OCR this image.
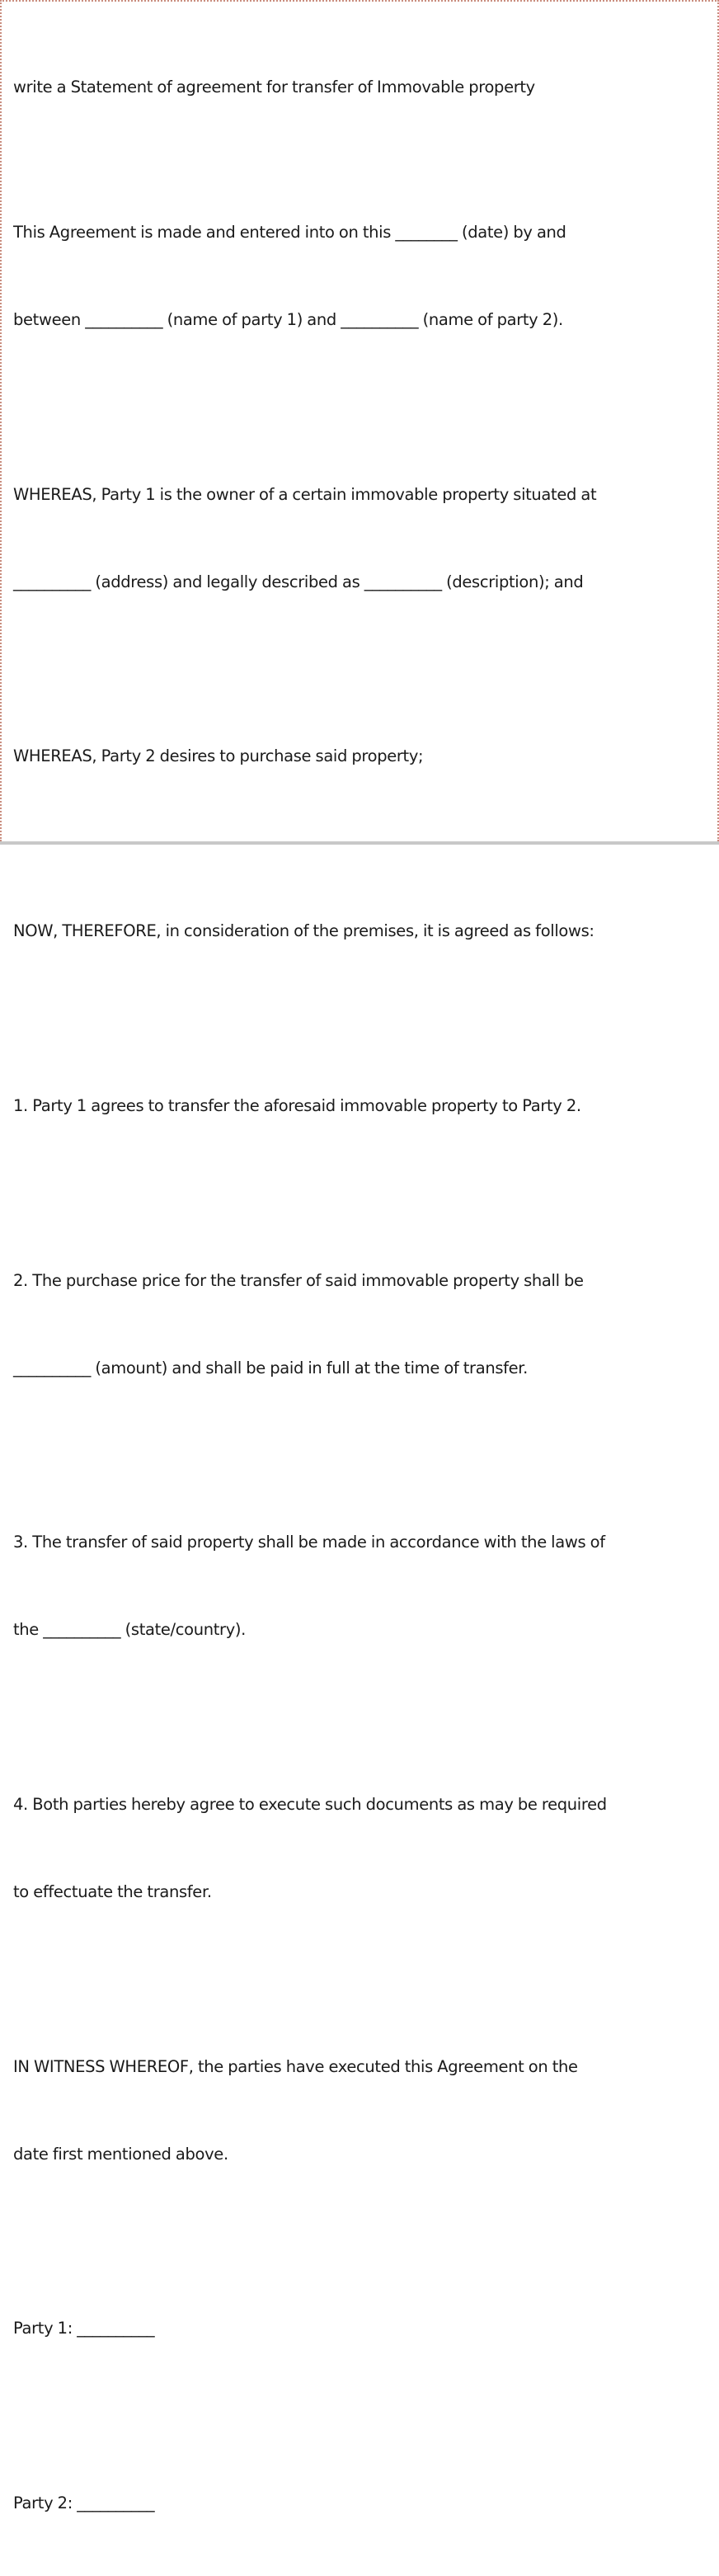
write a Statement of agreement for transfer of Immovable property

This Agreement is made and entered into on this ________ (date) by and

between __________ (name of party 1) and __________ (name of party 2).

WHEREAS, Party 1 is the owner of a certain immovable property situated at

__________ (address) and legally described as __________ (description); and

WHEREAS, Party 2 desires to purchase said property;

NOW, THEREFORE, in consideration of the premises, it is agreed as follows:

1. Party 1 agrees to transfer the aforesaid immovable property to Party 2.

2. The purchase price for the transfer of said immovable property shall be

__________ (amount) and shall be paid in full at the time of transfer.

3. The transfer of said property shall be made in accordance with the laws of

the __________ (state/country).

4. Both parties hereby agree to execute such documents as may be required

to effectuate the transfer.

IN WITNESS WHEREOF, the parties have executed this Agreement on the

date first mentioned above.

Party 1: __________

Party 2: __________
